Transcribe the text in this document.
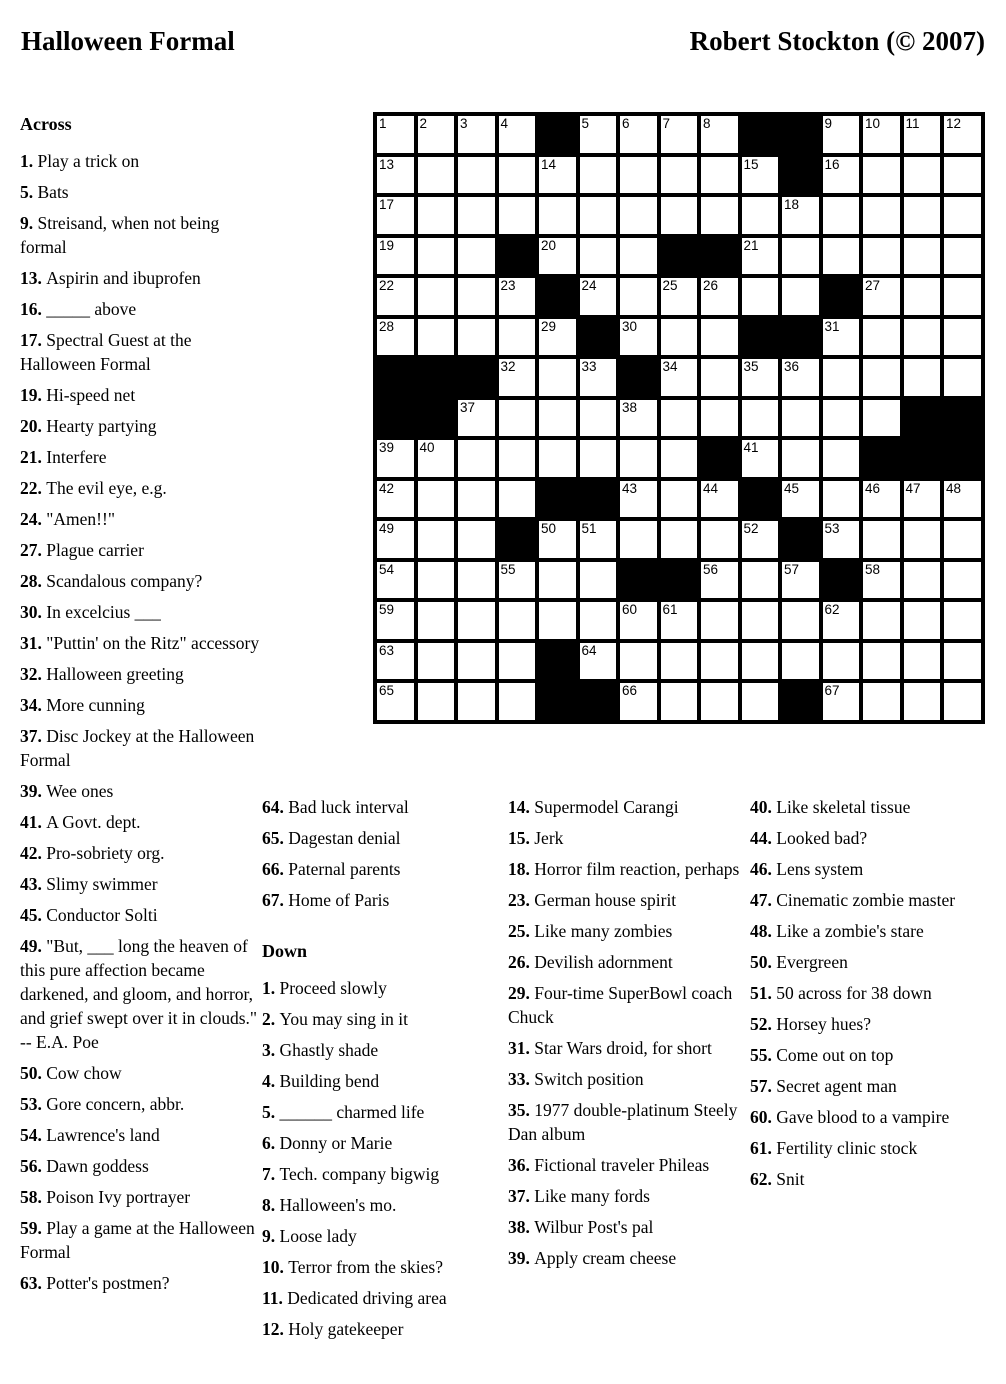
Halloween Formal	Robert Stockton (© 2007)
1 2 3 4	5 6 7 8	9 10 11 12
13	14	15	16
17	18
19	20	21
22	23	24	25 26	27
28	29	30	31
32	33	34	35 36
37	38
39 40	41
42	43	44	45	46 47 48
49	50 51	52	53
54	55	56	57	58
59	60 61	62
63	64
65	66	67
Across
1. Play a trick on
5. Bats
9. Streisand, when not being formal
13. Aspirin and ibuprofen
16. _____ above
17. Spectral Guest at the Halloween Formal
19. Hi-speed net
20. Hearty partying
21. Interfere
22. The evil eye, e.g.
24. "Amen!!"
27. Plague carrier
28. Scandalous company?
30. In excelcius ___
31. "Puttin' on the Ritz" accessory
32. Halloween greeting
34. More cunning
37. Disc Jockey at the Halloween Formal
39. Wee ones
41. A Govt. dept.
42. Pro-sobriety org.
43. Slimy swimmer
45. Conductor Solti
49. "But, ___ long the heaven of this pure affection became darkened, and gloom, and horror, and grief swept over it in clouds." -- E.A. Poe
50. Cow chow
53. Gore concern, abbr.
54. Lawrence's land
56. Dawn goddess
58. Poison Ivy portrayer
59. Play a game at the Halloween Formal
63. Potter's postmen?
64. Bad luck interval
65. Dagestan denial
66. Paternal parents
67. Home of Paris
Down
1. Proceed slowly
2. You may sing in it
3. Ghastly shade
4. Building bend
5. ______ charmed life
6. Donny or Marie
7. Tech. company bigwig
8. Halloween's mo.
9. Loose lady
10. Terror from the skies?
11. Dedicated driving area
12. Holy gatekeeper
14. Supermodel Carangi
15. Jerk
18. Horror film reaction, perhaps
23. German house spirit
25. Like many zombies
26. Devilish adornment
29. Four-time SuperBowl coach Chuck
31. Star Wars droid, for short
33. Switch position
35. 1977 double-platinum Steely Dan album
36. Fictional traveler Phileas
37. Like many fords
38. Wilbur Post's pal
39. Apply cream cheese
40. Like skeletal tissue
44. Looked bad?
46. Lens system
47. Cinematic zombie master
48. Like a zombie's stare
50. Evergreen
51. 50 across for 38 down
52. Horsey hues?
55. Come out on top
57. Secret agent man
60. Gave blood to a vampire
61. Fertility clinic stock
62. Snit
